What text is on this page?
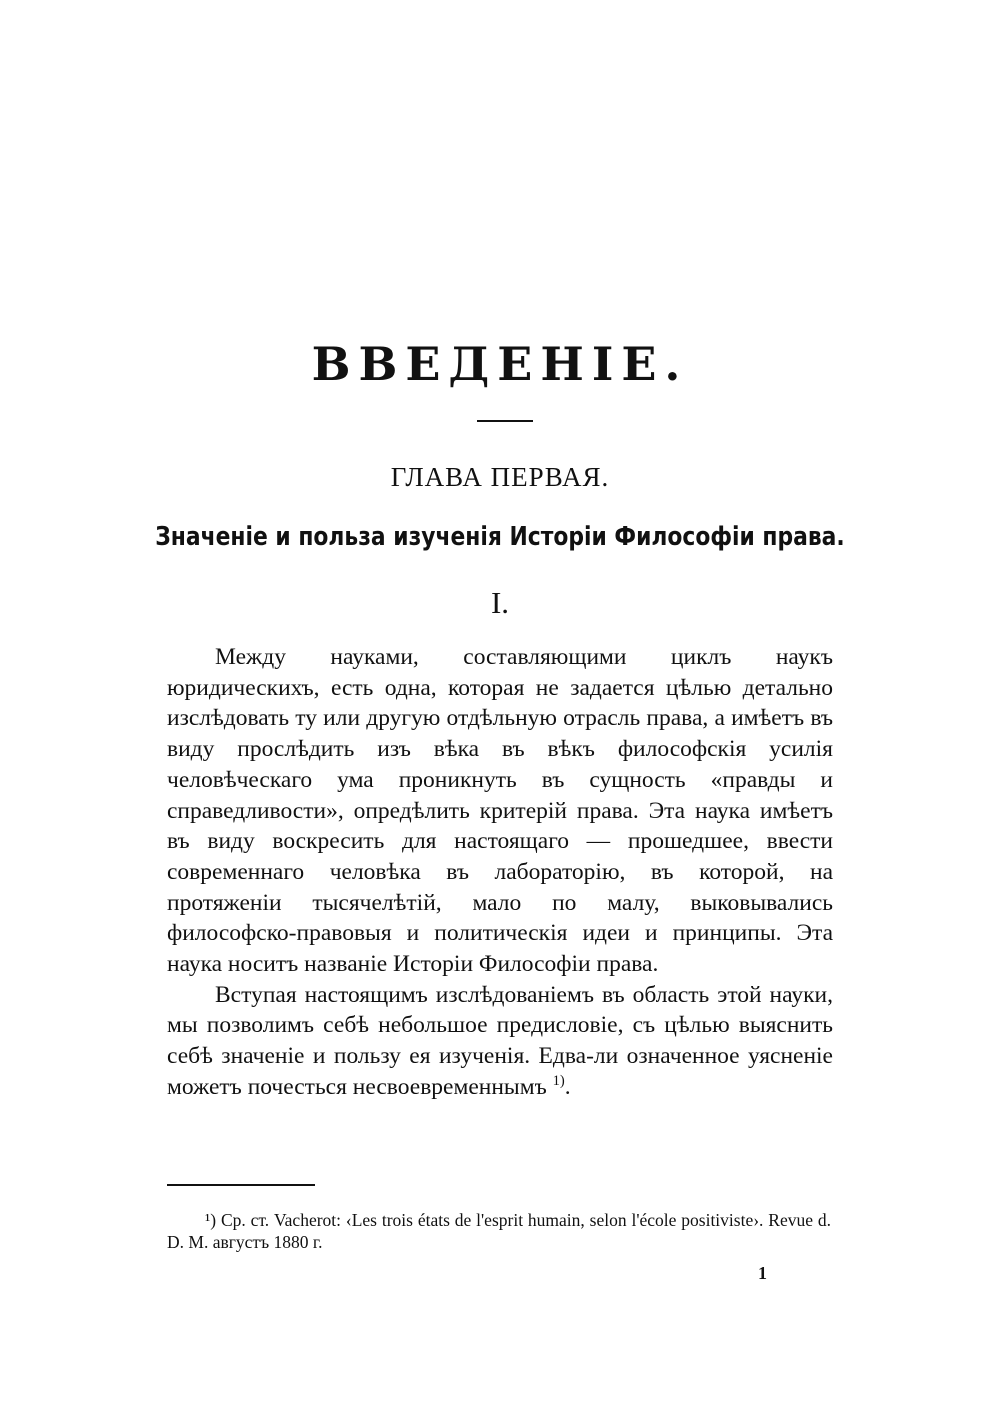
ВВЕДЕНІЕ.
ГЛАВА ПЕРВАЯ.
Значеніе и польза изученія Исторіи Философіи права.
I.

Между науками, составляющими циклъ наукъ юридическихъ, есть одна, которая не задается цѣлью детально изслѣдовать ту или другую отдѣльную отрасль права, а имѣетъ въ виду прослѣдить изъ вѣка въ вѣкъ философскія усилія человѣческаго ума проникнуть въ сущность «правды и справедливости», опредѣлить критерій права. Эта наука имѣетъ въ виду воскресить для настоящаго — прошедшее, ввести современнаго человѣка въ лабораторію, въ которой, на протяженіи тысячелѣтій, мало по малу, выковывались философско-правовыя и политическія идеи и принципы. Эта наука носитъ названіе Исторіи Философіи права.

Вступая настоящимъ изслѣдованіемъ въ область этой науки, мы позволимъ себѣ небольшое предисловіе, съ цѣлью выяснить себѣ значеніе и пользу ея изученія. Едва-ли означенное уясненіе можетъ почесться несвоевременнымъ $^{1)}$.

¹) Ср. ст. Vacherot: ‹Les trois états de l'esprit humain, selon l'école positiviste›. Revue d. D. M. августъ 1880 г.

1
